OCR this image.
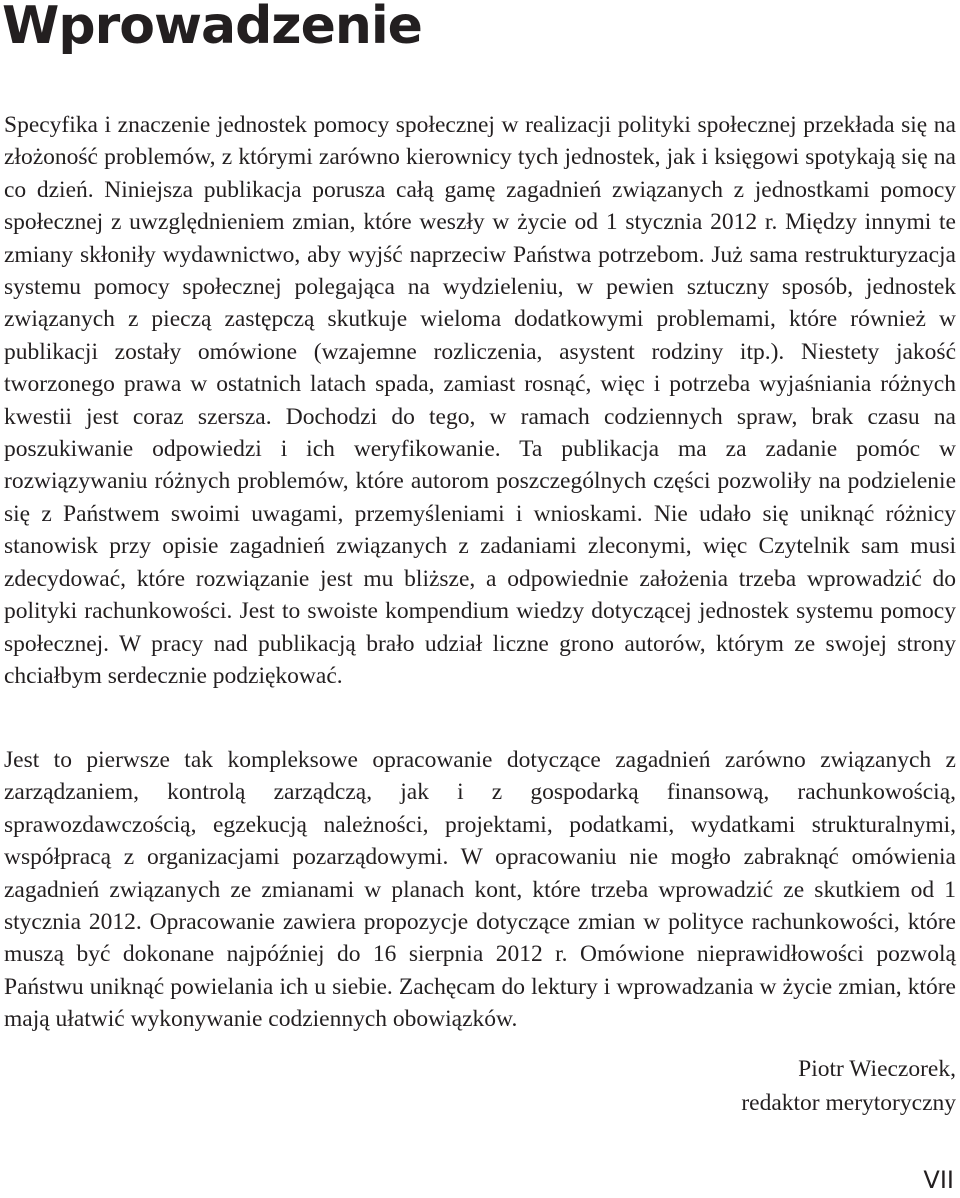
Wprowadzenie

Specyfika i znaczenie jednostek pomocy społecznej w realizacji polityki społecznej przekłada się na złożoność problemów, z którymi zarówno kierownicy tych jednostek, jak i księgowi spotykają się na co dzień. Niniejsza publikacja porusza całą gamę zagadnień związanych z jednostkami pomocy społecznej z uwzględnieniem zmian, które weszły w życie od 1 stycznia 2012 r. Między innymi te zmiany skłoniły wydawnictwo, aby wyjść naprzeciw Państwa potrzebom. Już sama restrukturyzacja systemu pomocy społecznej polegająca na wydzieleniu, w pewien sztuczny sposób, jednostek związanych z pieczą zastępczą skutkuje wieloma dodatkowymi problemami, które również w publikacji zostały omówione (wzajemne rozliczenia, asystent rodziny itp.). Niestety jakość tworzonego prawa w ostatnich latach spada, zamiast rosnąć, więc i potrzeba wyjaśniania różnych kwestii jest coraz szersza. Dochodzi do tego, w ramach codziennych spraw, brak czasu na poszukiwanie odpowiedzi i ich weryfikowanie. Ta publikacja ma za zadanie pomóc w rozwiązywaniu różnych problemów, które autorom poszczególnych części pozwoliły na podzielenie się z Państwem swoimi uwagami, przemyśleniami i wnioskami. Nie udało się uniknąć różnicy stanowisk przy opisie zagadnień związanych z zadaniami zleconymi, więc Czytelnik sam musi zdecydować, które rozwiązanie jest mu bliższe, a odpowiednie założenia trzeba wprowadzić do polityki rachunkowości. Jest to swoiste kompendium wiedzy dotyczącej jednostek systemu pomocy społecznej. W pracy nad publikacją brało udział liczne grono autorów, którym ze swojej strony chciałbym serdecznie podziękować.

Jest to pierwsze tak kompleksowe opracowanie dotyczące zagadnień zarówno związanych z zarządzaniem, kontrolą zarządczą, jak i z gospodarką finansową, rachunkowością, sprawozdawczością, egzekucją należności, projektami, podatkami, wydatkami strukturalnymi, współpracą z organizacjami pozarządowymi. W opracowaniu nie mogło zabraknąć omówienia zagadnień związanych ze zmianami w planach kont, które trzeba wprowadzić ze skutkiem od 1 stycznia 2012. Opracowanie zawiera propozycje dotyczące zmian w polityce rachunkowości, które muszą być dokonane najpóźniej do 16 sierpnia 2012 r. Omówione nieprawidłowości pozwolą Państwu uniknąć powielania ich u siebie. Zachęcam do lektury i wprowadzania w życie zmian, które mają ułatwić wykonywanie codziennych obowiązków.

Piotr Wieczorek,
redaktor merytoryczny
VII
